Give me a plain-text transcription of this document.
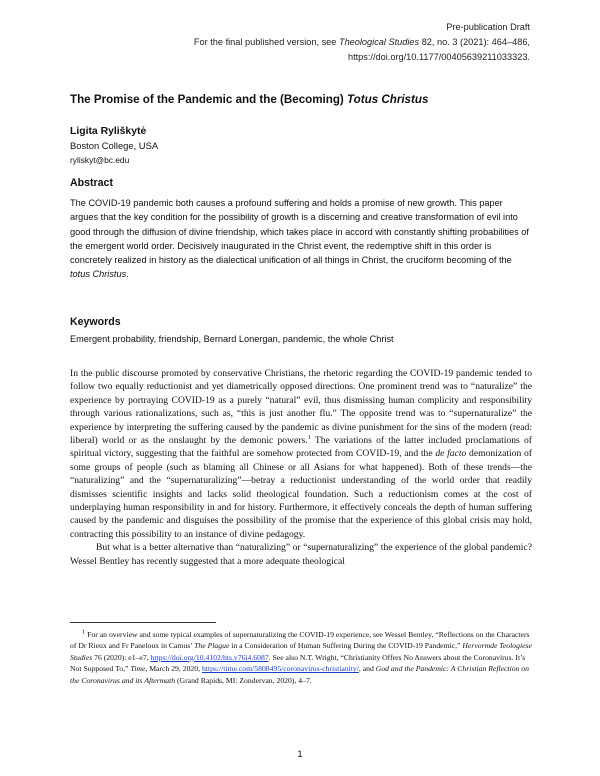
Pre-publication Draft
For the final published version, see Theological Studies 82, no. 3 (2021): 464–486,
https://doi.org/10.1177/00405639211033323.
The Promise of the Pandemic and the (Becoming) Totus Christus
Ligita Ryliškytė
Boston College, USA
ryliskyt@bc.edu
Abstract
The COVID-19 pandemic both causes a profound suffering and holds a promise of new growth. This paper argues that the key condition for the possibility of growth is a discerning and creative transformation of evil into good through the diffusion of divine friendship, which takes place in accord with constantly shifting probabilities of the emergent world order. Decisively inaugurated in the Christ event, the redemptive shift in this order is concretely realized in history as the dialectical unification of all things in Christ, the cruciform becoming of the totus Christus.
Keywords
Emergent probability, friendship, Bernard Lonergan, pandemic, the whole Christ

In the public discourse promoted by conservative Christians, the rhetoric regarding the COVID-19 pandemic tended to follow two equally reductionist and yet diametrically opposed directions. One prominent trend was to “naturalize” the experience by portraying COVID-19 as a purely “natural” evil, thus dismissing human complicity and responsibility through various rationalizations, such as, “this is just another flu.” The opposite trend was to “supernaturalize” the experience by interpreting the suffering caused by the pandemic as divine punishment for the sins of the modern (read: liberal) world or as the onslaught by the demonic powers.$^1$ The variations of the latter included proclamations of spiritual victory, suggesting that the faithful are somehow protected from COVID-19, and the de facto demonization of some groups of people (such as blaming all Chinese or all Asians for what happened). Both of these trends—the “naturalizing” and the “supernaturalizing”—betray a reductionist understanding of the world order that readily dismisses scientific insights and lacks solid theological foundation. Such a reductionism comes at the cost of underplaying human responsibility in and for history. Furthermore, it effectively conceals the depth of human suffering caused by the pandemic and disguises the possibility of the promise that the experience of this global crisis may hold, contracting this possibility to an instance of divine pedagogy.

But what is a better alternative than “naturalizing” or “supernaturalizing” the experience of the global pandemic? Wessel Bentley has recently suggested that a more adequate theological

$^1$ For an overview and some typical examples of supernaturalizing the COVID-19 experience, see Wessel Bentley, “Reflections on the Characters of Dr Rieux and Fr Paneloux in Camus’ The Plague in a Consideration of Human Suffering During the COVID-19 Pandemic,” Hervormde Teologiese Studies 76 (2020): e1–e7, https://doi.org/10.4102/hts.v76i4.6087. See also N.T. Wright, “Christianity Offers No Answers about the Coronavirus. It’s Not Supposed To,” Time, March 29, 2020, https://time.com/5808495/coronavirus-christianity/, and God and the Pandemic: A Christian Reflection on the Coronavirus and its Aftermath (Grand Rapids, MI: Zondervan, 2020), 4–7.
1
